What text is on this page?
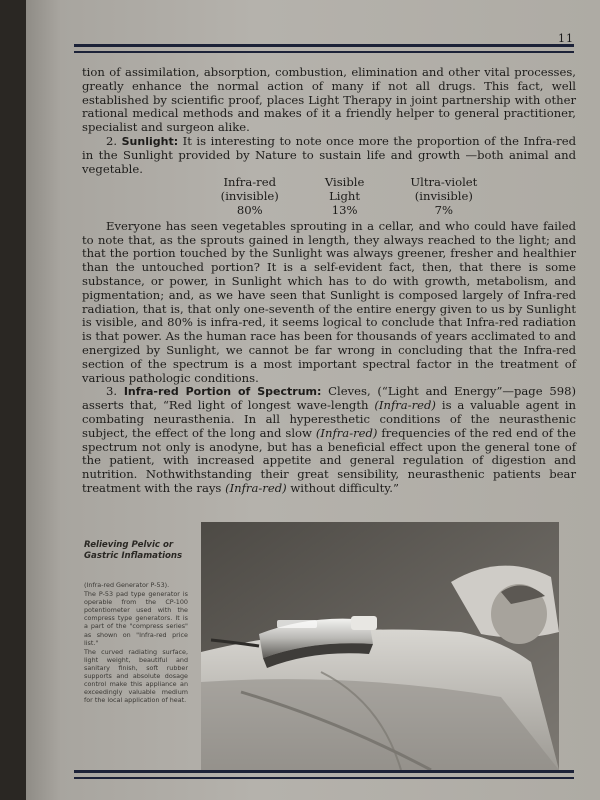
11

tion of assimilation, absorption, combustion, elimination and other vital processes, greatly enhance the normal action of many if not all drugs. This fact, well established by scientific proof, places Light Therapy in joint partnership with other rational medical methods and makes of it a friendly helper to general practitioner, specialist and surgeon alike.

2. Sunlight: It is interesting to note once more the proportion of the Infra-red in the Sunlight provided by Nature to sustain life and growth —both animal and vegetable.

Infra-red
(invisible)
80%
Visible
Light
13%
Ultra-violet
(invisible)
7%

Everyone has seen vegetables sprouting in a cellar, and who could have failed to note that, as the sprouts gained in length, they always reached to the light; and that the portion touched by the Sunlight was always greener, fresher and healthier than the untouched portion? It is a self-evident fact, then, that there is some substance, or power, in Sunlight which has to do with growth, metabolism, and pigmentation; and, as we have seen that Sunlight is composed largely of Infra-red radiation, that is, that only one-seventh of the entire energy given to us by Sunlight is visible, and 80% is infra-red, it seems logical to conclude that Infra-red radiation is that power. As the human race has been for thousands of years acclimated to and energized by Sunlight, we cannot be far wrong in concluding that the Infra-red section of the spectrum is a most important spectral factor in the treatment of various pathologic conditions.

3. Infra-red Portion of Spectrum: Cleves, (“Light and Energy”—page 598) asserts that, “Red light of longest wave-length (Infra-red) is a valuable agent in combating neurasthenia. In all hyperesthetic conditions of the neurasthenic subject, the effect of the long and slow (Infra-red) frequencies of the red end of the spectrum not only is anodyne, but has a beneficial effect upon the general tone of the patient, with increased appetite and general regulation of digestion and nutrition. Nothwithstanding their great sensibility, neurasthenic patients bear treatment with the rays (Infra-red) without difficulty.”

Relieving Pelvic or Gastric Inflamations

(Infra-red Generator P-53).

The P-53 pad type generator is operable from the CP-100 potentiometer used with the compress type generators. It is a part of the "compress series" as shown on "Infra-red price list."

The curved radiating surface, light weight, beautiful and sanitary finish, soft rubber supports and absolute dosage control make this appliance an exceedingly valuable medium for the local application of heat.
